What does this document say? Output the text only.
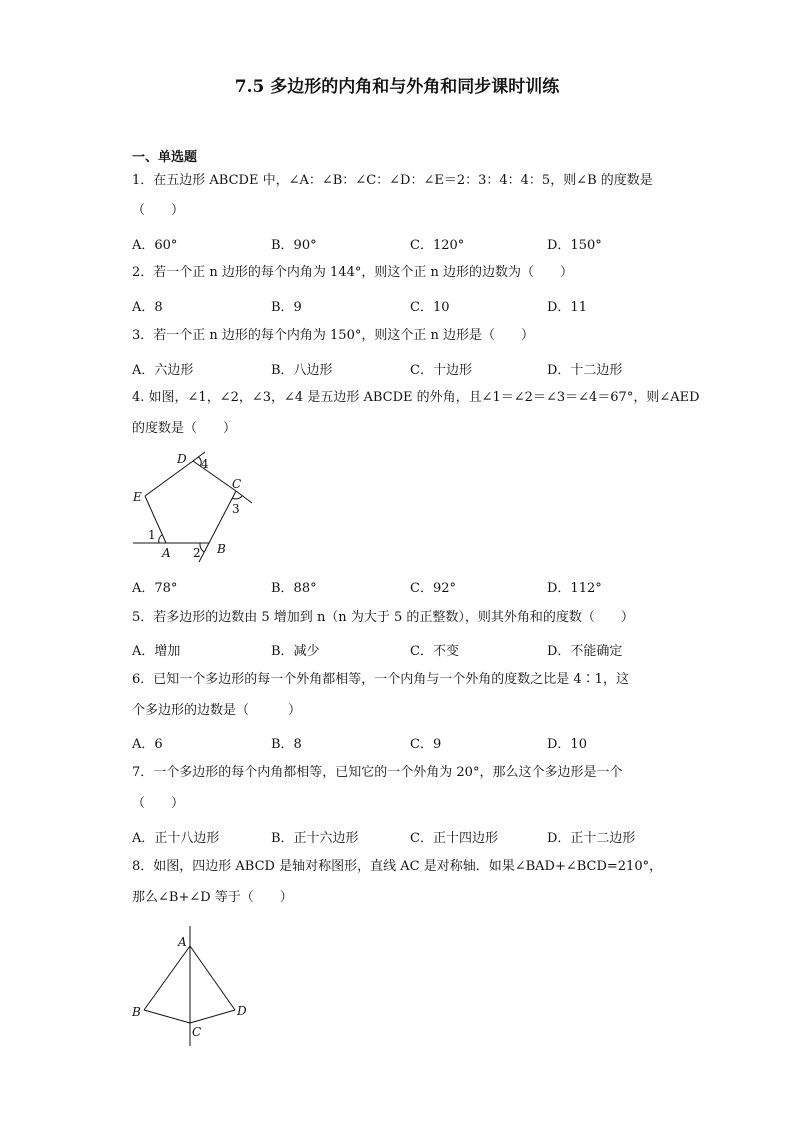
7.5 多边形的内角和与外角和同步课时训练
一、单选题
1．在五边形 ABCDE 中，∠A：∠B：∠C：∠D：∠E＝2：3：4：4：5，则∠B 的度数是
（　　）
A．60°	B．90°	C．120°	D．150°
2．若一个正 n 边形的每个内角为 144°，则这个正 n 边形的边数为（　　）
A．8	B．9	C．10	D．11
3．若一个正 n 边形的每个内角为 150°，则这个正 n 边形是（　　）
A．六边形	B．八边形	C．十边形	D．十二边形
4. 如图，∠1，∠2，∠3，∠4 是五边形 ABCDE 的外角，且∠1＝∠2＝∠3＝∠4＝67°，则∠AED
的度数是（　　）
A	B
C
D
E
1
2
3
4
A．78°	B．88°	C．92°	D．112°
5．若多边形的边数由 5 增加到 n（n 为大于 5 的正整数），则其外角和的度数（　　）
A．增加	B．减少	C．不变	D．不能确定
6．已知一个多边形的每一个外角都相等，一个内角与一个外角的度数之比是 4∶1，这
个多边形的边数是（　　　）
A．6	B．8	C．9	D．10
7．一个多边形的每个内角都相等，已知它的一个外角为 20°，那么这个多边形是一个
（　　）
A．正十八边形	B．正十六边形	C．正十四边形	D．正十二边形
8．如图，四边形 ABCD 是轴对称图形，直线 AC 是对称轴．如果∠BAD+∠BCD=210°，
那么∠B+∠D 等于（　　）
A
B
C
D
